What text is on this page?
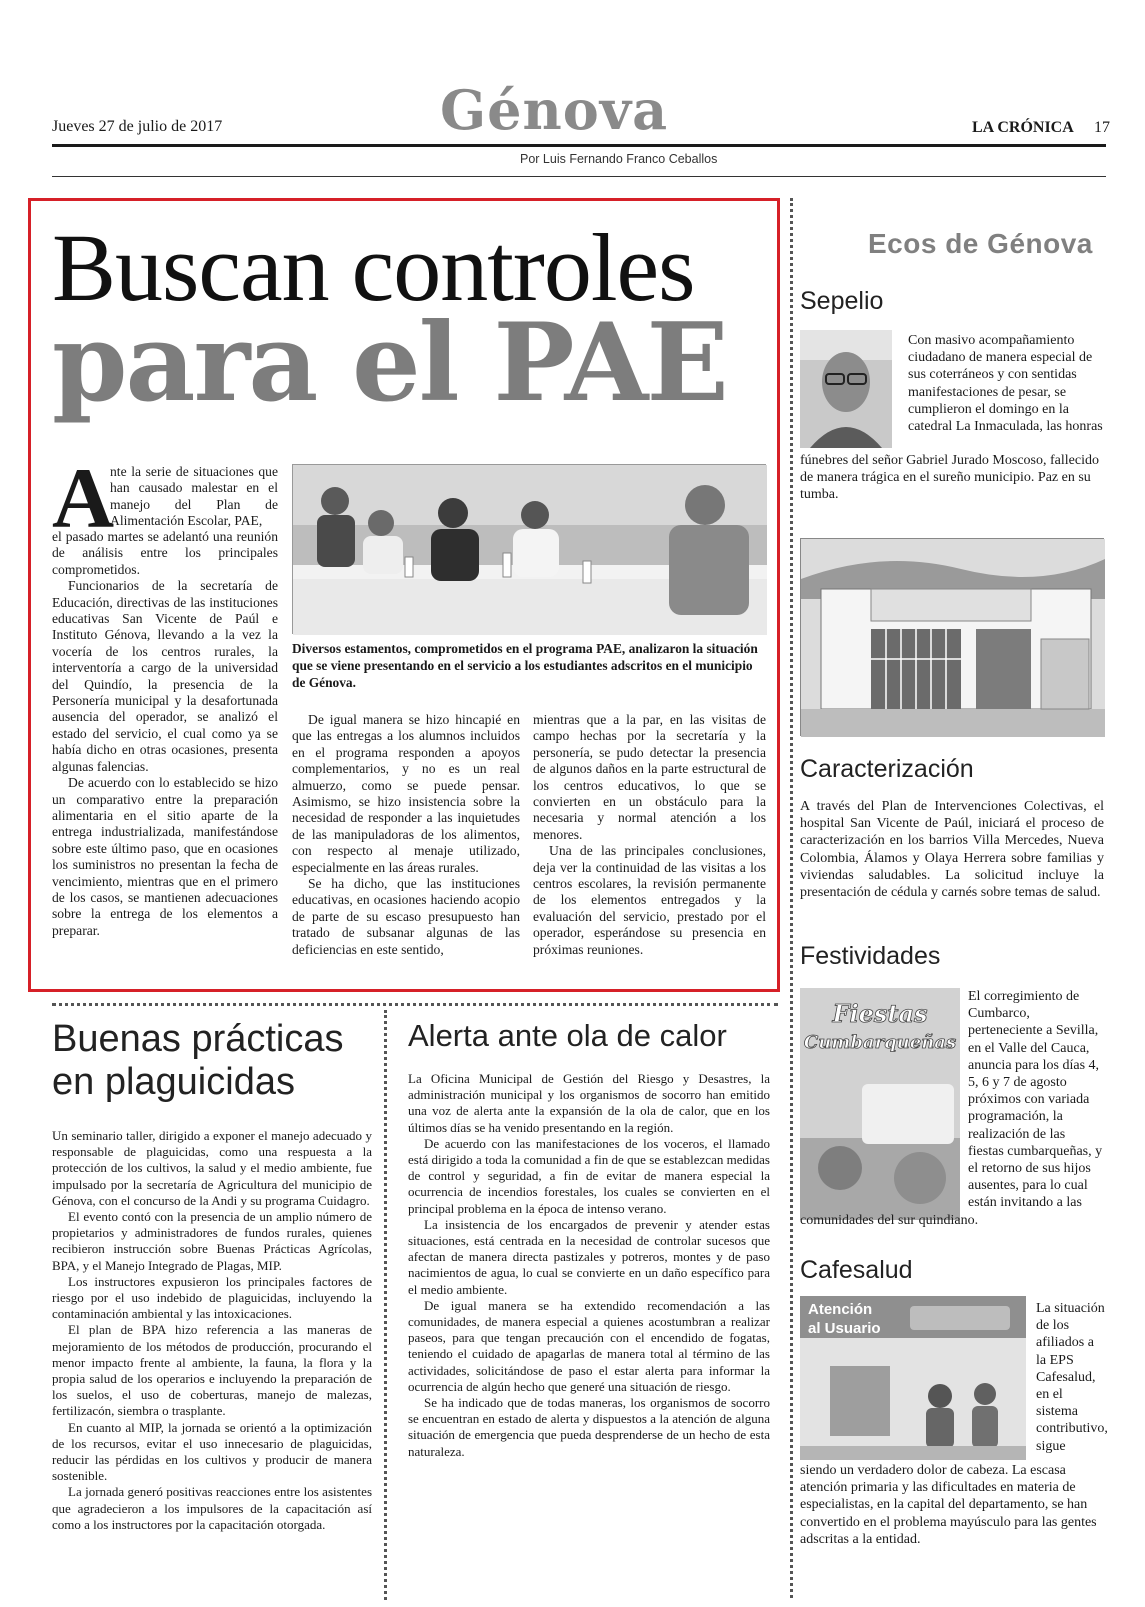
Jueves 27 de julio de 2017	Génova
Por Luis Fernando Franco Ceballos
LA CRÓNICA 17
Buscan controles
para el PAE
A

nte la serie de situaciones que han causado malestar en el manejo del Plan de Alimentación Escolar, PAE,

el pasado martes se adelantó una reunión de análisis entre los principales comprometidos.

Funcionarios de la secretaría de Educación, directivas de las instituciones educativas San Vicente de Paúl e Instituto Génova, llevando a la vez la vocería de los centros rurales, la interventoría a cargo de la universidad del Quindío, la presencia de la Personería municipal y la desafortunada ausencia del operador, se analizó el estado del servicio, el cual como ya se había dicho en otras ocasiones, presenta algunas falencias.

De acuerdo con lo establecido se hizo un comparativo entre la preparación alimentaria en el sitio aparte de la entrega industrializada, manifestándose sobre este último paso, que en ocasiones los suministros no presentan la fecha de vencimiento, mientras que en el primero de los casos, se mantienen adecuaciones sobre la entrega de los elementos a preparar.

Diversos estamentos, comprometidos en el programa PAE, analizaron la situación que se viene presentando en el servicio a los estudiantes adscritos en el municipio de Génova.

De igual manera se hizo hincapié en que las entregas a los alumnos incluidos en el programa responden a apoyos complementarios, y no es un real almuerzo, como se puede pensar. Asimismo, se hizo insistencia sobre la necesidad de responder a las inquietudes de las manipuladoras de los alimentos, con respecto al menaje utilizado, especialmente en las áreas rurales.

Se ha dicho, que las instituciones educativas, en ocasiones haciendo acopio de parte de su escaso presupuesto han tratado de subsanar algunas de las deficiencias en este sentido,

mientras que a la par, en las visitas de campo hechas por la secretaría y la personería, se pudo detectar la presencia de algunos daños en la parte estructural de los centros educativos, lo que se convierten en un obstáculo para la necesaria y normal atención a los menores.

Una de las principales conclusiones, deja ver la continuidad de las visitas a los centros escolares, la revisión permanente de los elementos entregados y la evaluación del servicio, prestado por el operador, esperándose su presencia en próximas reuniones.

Buenas prácticas en plaguicidas

Un seminario taller, dirigido a exponer el manejo adecuado y responsable de plaguicidas, como una respuesta a la protección de los cultivos, la salud y el medio ambiente, fue impulsado por la secretaría de Agricultura del municipio de Génova, con el concurso de la Andi y su programa Cuidagro.

El evento contó con la presencia de un amplio número de propietarios y administradores de fundos rurales, quienes recibieron instrucción sobre Buenas Prácticas Agrícolas, BPA, y el Manejo Integrado de Plagas, MIP.

Los instructores expusieron los principales factores de riesgo por el uso indebido de plaguicidas, incluyendo la contaminación ambiental y las intoxicaciones.

El plan de BPA hizo referencia a las maneras de mejoramiento de los métodos de producción, procurando el menor impacto frente al ambiente, la fauna, la flora y la propia salud de los operarios e incluyendo la preparación de los suelos, el uso de coberturas, manejo de malezas, fertilizacón, siembra o trasplante.

En cuanto al MIP, la jornada se orientó a la optimización de los recursos, evitar el uso innecesario de plaguicidas, reducir las pérdidas en los cultivos y producir de manera sostenible.

La jornada generó positivas reacciones entre los asistentes que agradecieron a los impulsores de la capacitación así como a los instructores por la capacitación otorgada.

Alerta ante ola de calor

La Oficina Municipal de Gestión del Riesgo y Desastres, la administración municipal y los organismos de socorro han emitido una voz de alerta ante la expansión de la ola de calor, que en los últimos días se ha venido presentando en la región.

De acuerdo con las manifestaciones de los voceros, el llamado está dirigido a toda la comunidad a fin de que se establezcan medidas de control y seguridad, a fin de evitar de manera especial la ocurrencia de incendios forestales, los cuales se convierten en el principal problema en la época de intenso verano.

La insistencia de los encargados de prevenir y atender estas situaciones, está centrada en la necesidad de controlar sucesos que afectan de manera directa pastizales y potreros, montes y de paso nacimientos de agua, lo cual se convierte en un daño específico para el medio ambiente.

De igual manera se ha extendido recomendación a las comunidades, de manera especial a quienes acostumbran a realizar paseos, para que tengan precaución con el encendido de fogatas, teniendo el cuidado de apagarlas de manera total al término de las actividades, solicitándose de paso el estar alerta para informar la ocurrencia de algún hecho que generé una situación de riesgo.

Se ha indicado que de todas maneras, los organismos de socorro se encuentran en estado de alerta y dispuestos a la atención de alguna situación de emergencia que pueda desprenderse de un hecho de esta naturaleza.

Ecos de Génova
Sepelio
Con masivo acompañamiento ciudadano de manera especial de sus coterráneos y con sentidas manifestaciones de pesar, se cumplieron el domingo en la catedral La Inmaculada, las honras
fúnebres del señor Gabriel Jurado Moscoso, fallecido de manera trágica en el sureño municipio. Paz en su tumba.
Caracterización
A través del Plan de Intervenciones Colectivas, el hospital San Vicente de Paúl, iniciará el proceso de caracterización en los barrios Villa Mercedes, Nueva Colombia, Álamos y Olaya Herrera sobre familias y viviendas saludables. La solicitud incluye la presentación de cédula y carnés sobre temas de salud.
Festividades
Fiestas
Cumbarqueñas
El corregimiento de Cumbarco, perteneciente a Sevilla, en el Valle del Cauca, anuncia para los días 4, 5, 6 y 7 de agosto próximos con variada programación, la realización de las fiestas cumbarqueñas, y el retorno de sus hijos ausentes, para lo cual están invitando a las
comunidades del sur quindiano.
Cafesalud
Atención
al Usuario
La situación de los afiliados a la EPS Cafesalud, en el sistema contributivo, sigue
siendo un verdadero dolor de cabeza. La escasa atención primaria y las dificultades en materia de especialistas, en la capital del departamento, se han convertido en el problema mayúsculo para las gentes adscritas a la entidad.
